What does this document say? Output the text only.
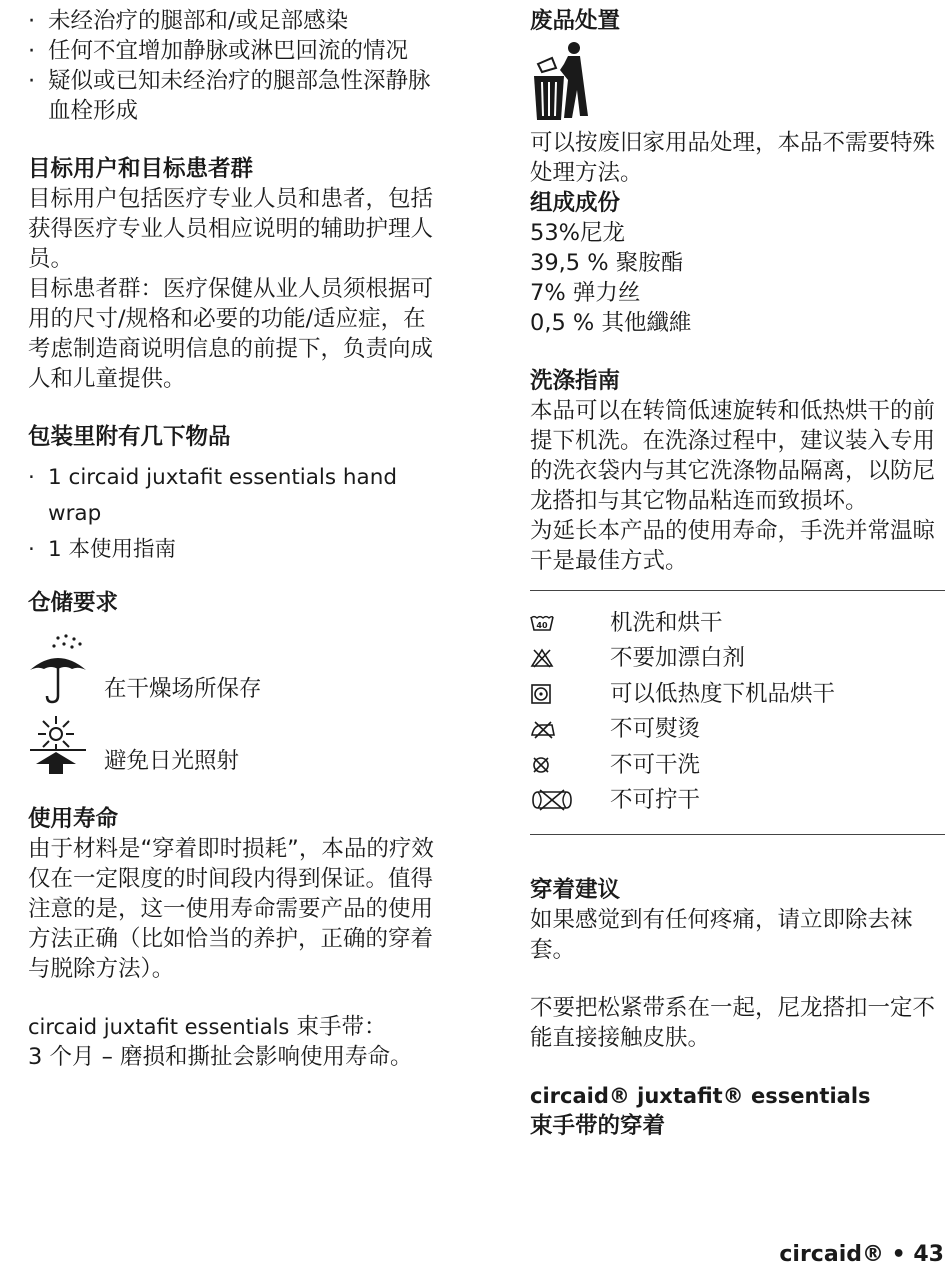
· 未经治疗的腿部和/或足部感染
· 任何不宜增加静脉或淋巴回流的情况
· 疑似或已知未经治疗的腿部急性深静脉血栓形成

目标用户和目标患者群

目标用户包括医疗专业人员和患者，包括获得医疗专业人员相应说明的辅助护理人员。

目标患者群：医疗保健从业人员须根据可用的尺寸/规格和必要的功能/适应症，在考虑制造商说明信息的前提下，负责向成人和儿童提供。

包装里附有几下物品

· 1 circaid juxtafit essentials hand wrap
· 1 本使用指南

仓储要求

在干燥场所保存
避免日光照射

使用寿命

由于材料是“穿着即时损耗”，本品的疗效仅在一定限度的时间段内得到保证。值得注意的是，这一使用寿命需要产品的使用方法正确（比如恰当的养护，正确的穿着与脱除方法）。

circaid juxtafit essentials 束手带：

3 个月 – 磨损和撕扯会影响使用寿命。

废品处置

可以按废旧家用品处理，本品不需要特殊处理方法。

组成成份

53%尼龙

39,5 % 聚胺酯

7% 弹力丝

0,5 % 其他纖維

洗涤指南

本品可以在转筒低速旋转和低热烘干的前提下机洗。在洗涤过程中，建议装入专用的洗衣袋内与其它洗涤物品隔离，以防尼龙搭扣与其它物品粘连而致损坏。

为延长本产品的使用寿命，手洗并常温晾干是最佳方式。

40	机洗和烘干
不要加漂白剂
可以低热度下机品烘干
不可熨烫
不可干洗
不可拧干

穿着建议

如果感觉到有任何疼痛，请立即除去袜套。

不要把松紧带系在一起，尼龙搭扣一定不能直接接触皮肤。

circaid® juxtafit® essentials

束手带的穿着

circaid® • 43
